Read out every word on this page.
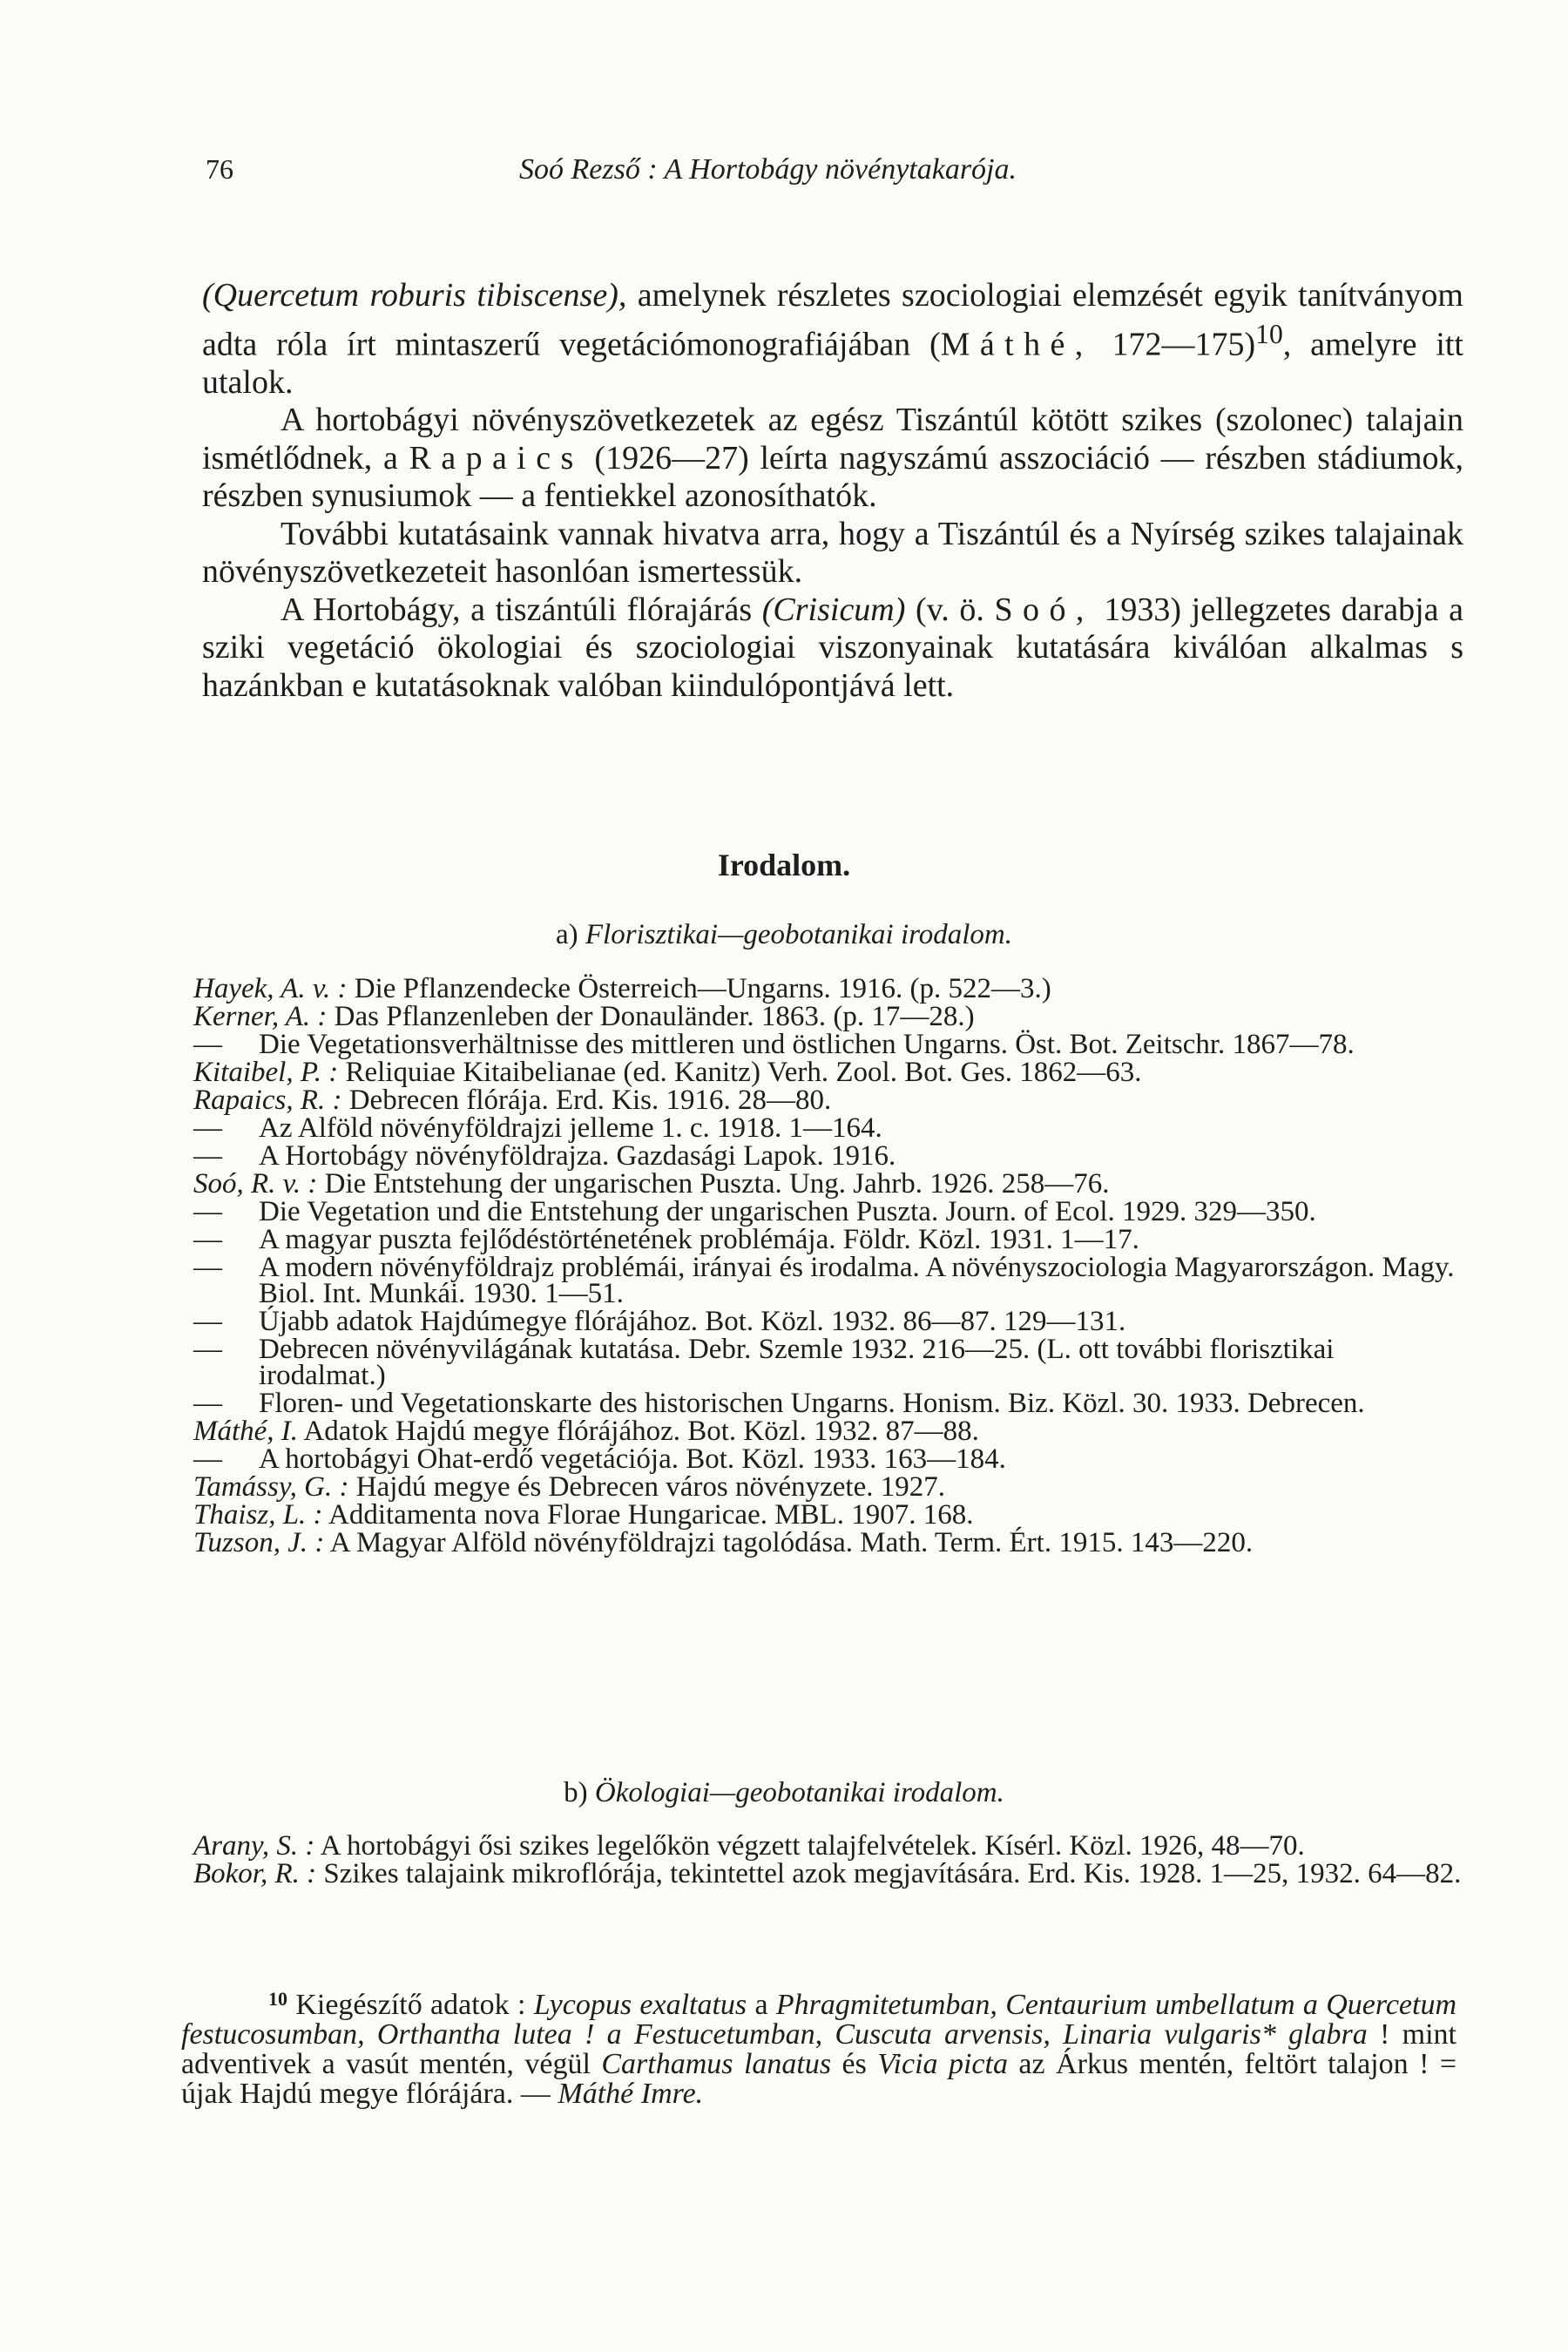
76	Soó Rezső : A Hortobágy növénytakarója.

(Quercetum roburis tibiscense), amelynek részletes szociologiai elemzését egyik tanítványom adta róla írt mintaszerű vegetációmonografiájában (Máthé, 172—175)$^{10}$, amelyre itt utalok.

A hortobágyi növényszövetkezetek az egész Tiszántúl kötött szikes (szolonec) talajain ismétlődnek, a Rapaics (1926—27) leírta nagyszámú asszociáció — részben stádiumok, részben synusiumok — a fentiekkel azonosíthatók.

További kutatásaink vannak hivatva arra, hogy a Tiszántúl és a Nyírség szikes talajainak növényszövetkezeteit hasonlóan ismertessük.

A Hortobágy, a tiszántúli flórajárás (Crisicum) (v. ö. Soó, 1933) jellegzetes darabja a sziki vegetáció ökologiai és szociologiai viszonyainak kutatására kiválóan alkalmas s hazánkban e kutatásoknak valóban kiindulópontjává lett.

Irodalom.
a) Florisztikai—geobotanikai irodalom.
Hayek, A. v. : Die Pflanzendecke Österreich—Ungarns. 1916. (p. 522—3.)
Kerner, A. : Das Pflanzenleben der Donauländer. 1863. (p. 17—28.)
— Die Vegetationsverhältnisse des mittleren und östlichen Ungarns. Öst. Bot. Zeitschr. 1867—78.
Kitaibel, P. : Reliquiae Kitaibelianae (ed. Kanitz) Verh. Zool. Bot. Ges. 1862—63.
Rapaics, R. : Debrecen flórája. Erd. Kis. 1916. 28—80.
— Az Alföld növényföldrajzi jelleme 1. c. 1918. 1—164.
— A Hortobágy növényföldrajza. Gazdasági Lapok. 1916.
Soó, R. v. : Die Entstehung der ungarischen Puszta. Ung. Jahrb. 1926. 258—76.
— Die Vegetation und die Entstehung der ungarischen Puszta. Journ. of Ecol. 1929. 329—350.
— A magyar puszta fejlődéstörténetének problémája. Földr. Közl. 1931. 1—17.
— A modern növényföldrajz problémái, irányai és irodalma. A növényszociologia Magyarországon. Magy. Biol. Int. Munkái. 1930. 1—51.
— Újabb adatok Hajdúmegye flórájához. Bot. Közl. 1932. 86—87. 129—131.
— Debrecen növényvilágának kutatása. Debr. Szemle 1932. 216—25. (L. ott további florisztikai irodalmat.)
— Floren- und Vegetationskarte des historischen Ungarns. Honism. Biz. Közl. 30. 1933. Debrecen.
Máthé, I. Adatok Hajdú megye flórájához. Bot. Közl. 1932. 87—88.
— A hortobágyi Ohat-erdő vegetációja. Bot. Közl. 1933. 163—184.
Tamássy, G. : Hajdú megye és Debrecen város növényzete. 1927.
Thaisz, L. : Additamenta nova Florae Hungaricae. MBL. 1907. 168.
Tuzson, J. : A Magyar Alföld növényföldrajzi tagolódása. Math. Term. Ért. 1915. 143—220.
b) Ökologiai—geobotanikai irodalom.
Arany, S. : A hortobágyi ősi szikes legelőkön végzett talajfelvételek. Kísérl. Közl. 1926, 48—70.
Bokor, R. : Szikes talajaink mikroflórája, tekintettel azok megjavítására. Erd. Kis. 1928. 1—25, 1932. 64—82.

$^{10}$ Kiegészítő adatok : Lycopus exaltatus a Phragmitetumban, Centaurium umbellatum a Quercetum festucosumban, Orthantha lutea ! a Festucetumban, Cuscuta arvensis, Linaria vulgaris* glabra ! mint adventivek a vasút mentén, végül Carthamus lanatus és Vicia picta az Árkus mentén, feltört talajon ! = újak Hajdú megye flórájára. — Máthé Imre.
